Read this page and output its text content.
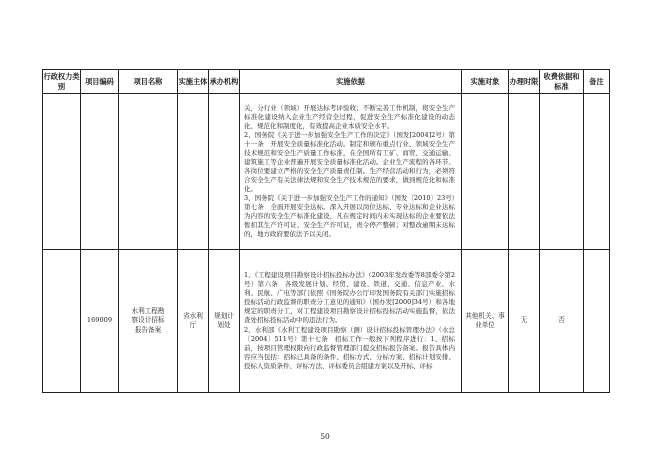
行政权力类别	项目编码	项目名称	实施主体	承办机构	实施依据	实施对象	办理时限	收费依据和标准	备注

					关，分行业（领域）开展达标考评验收；不断完善工作机制，将安全生产标准化建设纳入企业生产经营全过程，促进安全生产标准化建设的动态化、规范化和制度化，有效提高企业本质安全水平。

2、国务院《关于进一步加强安全生产工作的决定》（国发[2004]2号）第十一条　开展安全质量标准化活动。制定和颁布重点行业、领域安全生产技术规范和安全生产质量工作标准，在全国所有工矿、商贸、交通运输、建筑施工等企业普遍开展安全质量标准化活动。企业生产流程的各环节、各岗位要建立严格的安全生产质量责任制。生产经营活动和行为，必须符合安全生产有关法律法规和安全生产技术规范的要求，做到规范化和标准化。

3、国务院《关于进一步加强安全生产工作的通知》（国发〔2010〕23号）第七条　全面开展安全达标。深入开展以岗位达标、专业达标和企业达标为内容的安全生产标准化建设，凡在规定时间内未实现达标的企业要依法暂扣其生产许可证、安全生产许可证，责令停产整顿；对整改逾期未达标的，地方政府要依法予以关闭。				

	169009	水利工程勘察设计招标报告备案	省水利厅	规划计划处	1、《工程建设项目勘察设计招标投标办法》（2003年发改委等8部委令第2号）第六条　各级发展计划、经贸、建设、铁道、交通、信息产业、水利、民航、广电等部门依照《国务院办公厅印发国务院有关部门实施招标投标活动行政监督的职责分工意见的通知》（国办发[2000]34号）和各地规定的职责分工，对工程建设项目勘察设计招标投标活动实施监督，依法查处招标投标活动中的违法行为。

2、水利部《水利工程建设项目勘察（测）设计招标投标管理办法》（水总〔2004〕511号）第十七条　招标工作一般按下列程序进行：1、招标前，按项目管理权限向行政监督管理部门提交招标报告备案。报告具体内容应当包括：招标已具备的条件、招标方式、分标方案、招标计划安排、投标人资质条件、评标方法、评标委员会组建方案以及开标、评标	其他机关、事业单位	无	否	
50
